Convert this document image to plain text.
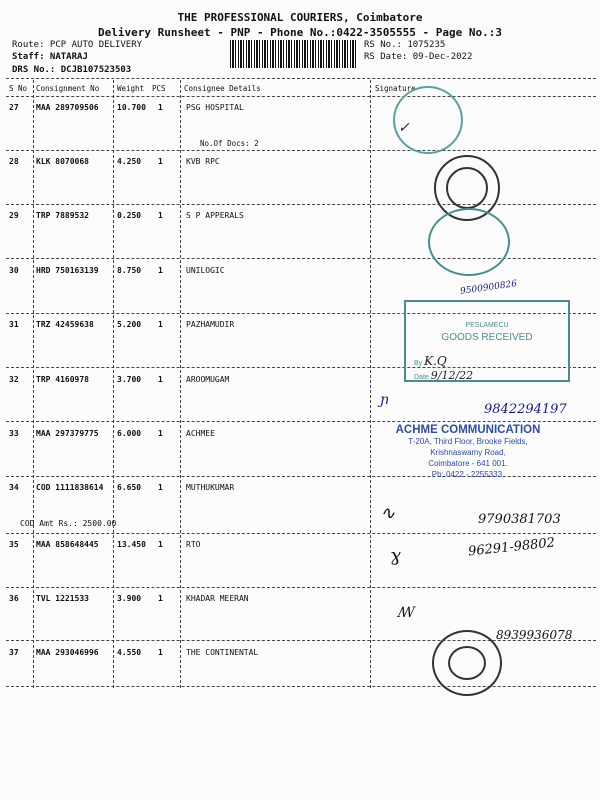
THE PROFESSIONAL COURIERS, Coimbatore
Delivery Runsheet - PNP - Phone No.:0422-3505555 - Page No.:3
Route: PCP AUTO DELIVERY
Staff: NATARAJ
DRS No.: DCJB107523503
RS No.: 1075235
RS Date: 09-Dec-2022
S No Consignment No Weight PCS Consignee Details	Signature
27 MAA 289709506 10.700 1	PSG HOSPITAL
No.Of Docs: 2
28 KLK 8070068	4.250 1	KVB RPC
29 TRP 7889532	0.250 1	S P APPERALS
30 HRD 750163139 8.750 1	UNILOGIC
31 TRZ 42459638	5.200 1	PAZHAMUDIR
32 TRP 4160978	3.700 1	AROOMUGAM
33 MAA 297379775 6.000 1	ACHMEE
34 COD 1111838614 6.650 1	MUTHUKUMAR
COD Amt Rs.: 2500.00
35 MAA 858648445 13.450 1	RTO
36 TVL 1221533	3.900 1	KHADAR MEERAN
37 MAA 293046996 4.550 1	THE CONTINENTAL
✓
9500900826
PESLAMECU
GOODS RECEIVED
By K.Q
Date 9/12/22
9842294197
ɲ
ACHME COMMUNICATION
T-20A, Third Floor, Brooke Fields,
Krishnaswamy Road,
Coimbatore - 641 001.
Ph: 0422 - 2255333.
∿	9790381703
ɣ	96291-98802
ꟿ
8939936078
